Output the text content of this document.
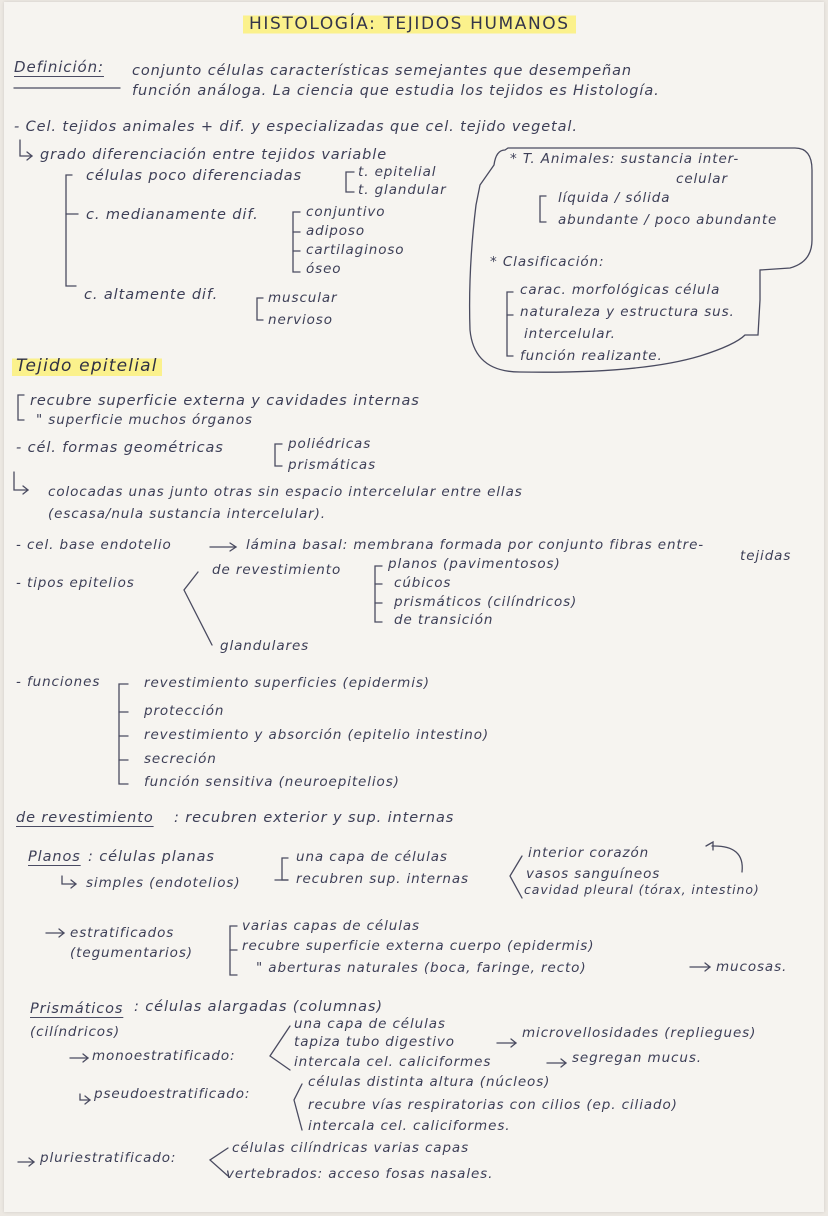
HISTOLOGÍA: TEJIDOS HUMANOS
Definición: conjunto células características semejantes que desempeñan
función análoga. La ciencia que estudia los tejidos es Histología.
- Cel. tejidos animales + dif. y especializadas que cel. tejido vegetal.
grado diferenciación entre tejidos variable
células poco diferenciadas	t. epitelial
t. glandular
c. medianamente dif.	conjuntivo
adiposo
cartilaginoso
óseo
c. altamente dif.	muscular
nervioso
* T. Animales: sustancia inter-
celular
líquida / sólida
abundante / poco abundante
* Clasificación:
carac. morfológicas célula
naturaleza y estructura sus.
intercelular.
función realizante.
Tejido epitelial
recubre superficie externa y cavidades internas
" superficie muchos órganos
- cél. formas geométricas	poliédricas
prismáticas
colocadas unas junto otras sin espacio intercelular entre ellas
(escasa/nula sustancia intercelular).
- cel. base endotelio	lámina basal: membrana formada por conjunto fibras entre-
tejidas
- tipos epitelios
de revestimiento	planos (pavimentosos)
cúbicos
prismáticos (cilíndricos)
de transición
glandulares
- funciones	revestimiento superficies (epidermis)
protección
revestimiento y absorción (epitelio intestino)
secreción
función sensitiva (neuroepitelios)
de revestimiento : recubren exterior y sup. internas
Planos : células planas
simples (endotelios)
una capa de células
recubren sup. internas
interior corazón
vasos sanguíneos
cavidad pleural (tórax, intestino)
estratificados
(tegumentarios)
varias capas de células
recubre superficie externa cuerpo (epidermis)
" aberturas naturales (boca, faringe, recto)	mucosas.
Prismáticos : células alargadas (columnas)
(cilíndricos)
monoestratificado:
una capa de células
tapiza tubo digestivo
microvellosidades (repliegues)
intercala cel. caliciformes	segregan mucus.
pseudoestratificado:
células distinta altura (núcleos)
recubre vías respiratorias con cilios (ep. ciliado)
intercala cel. caliciformes.
pluriestratificado:
células cilíndricas varias capas
vertebrados: acceso fosas nasales.
